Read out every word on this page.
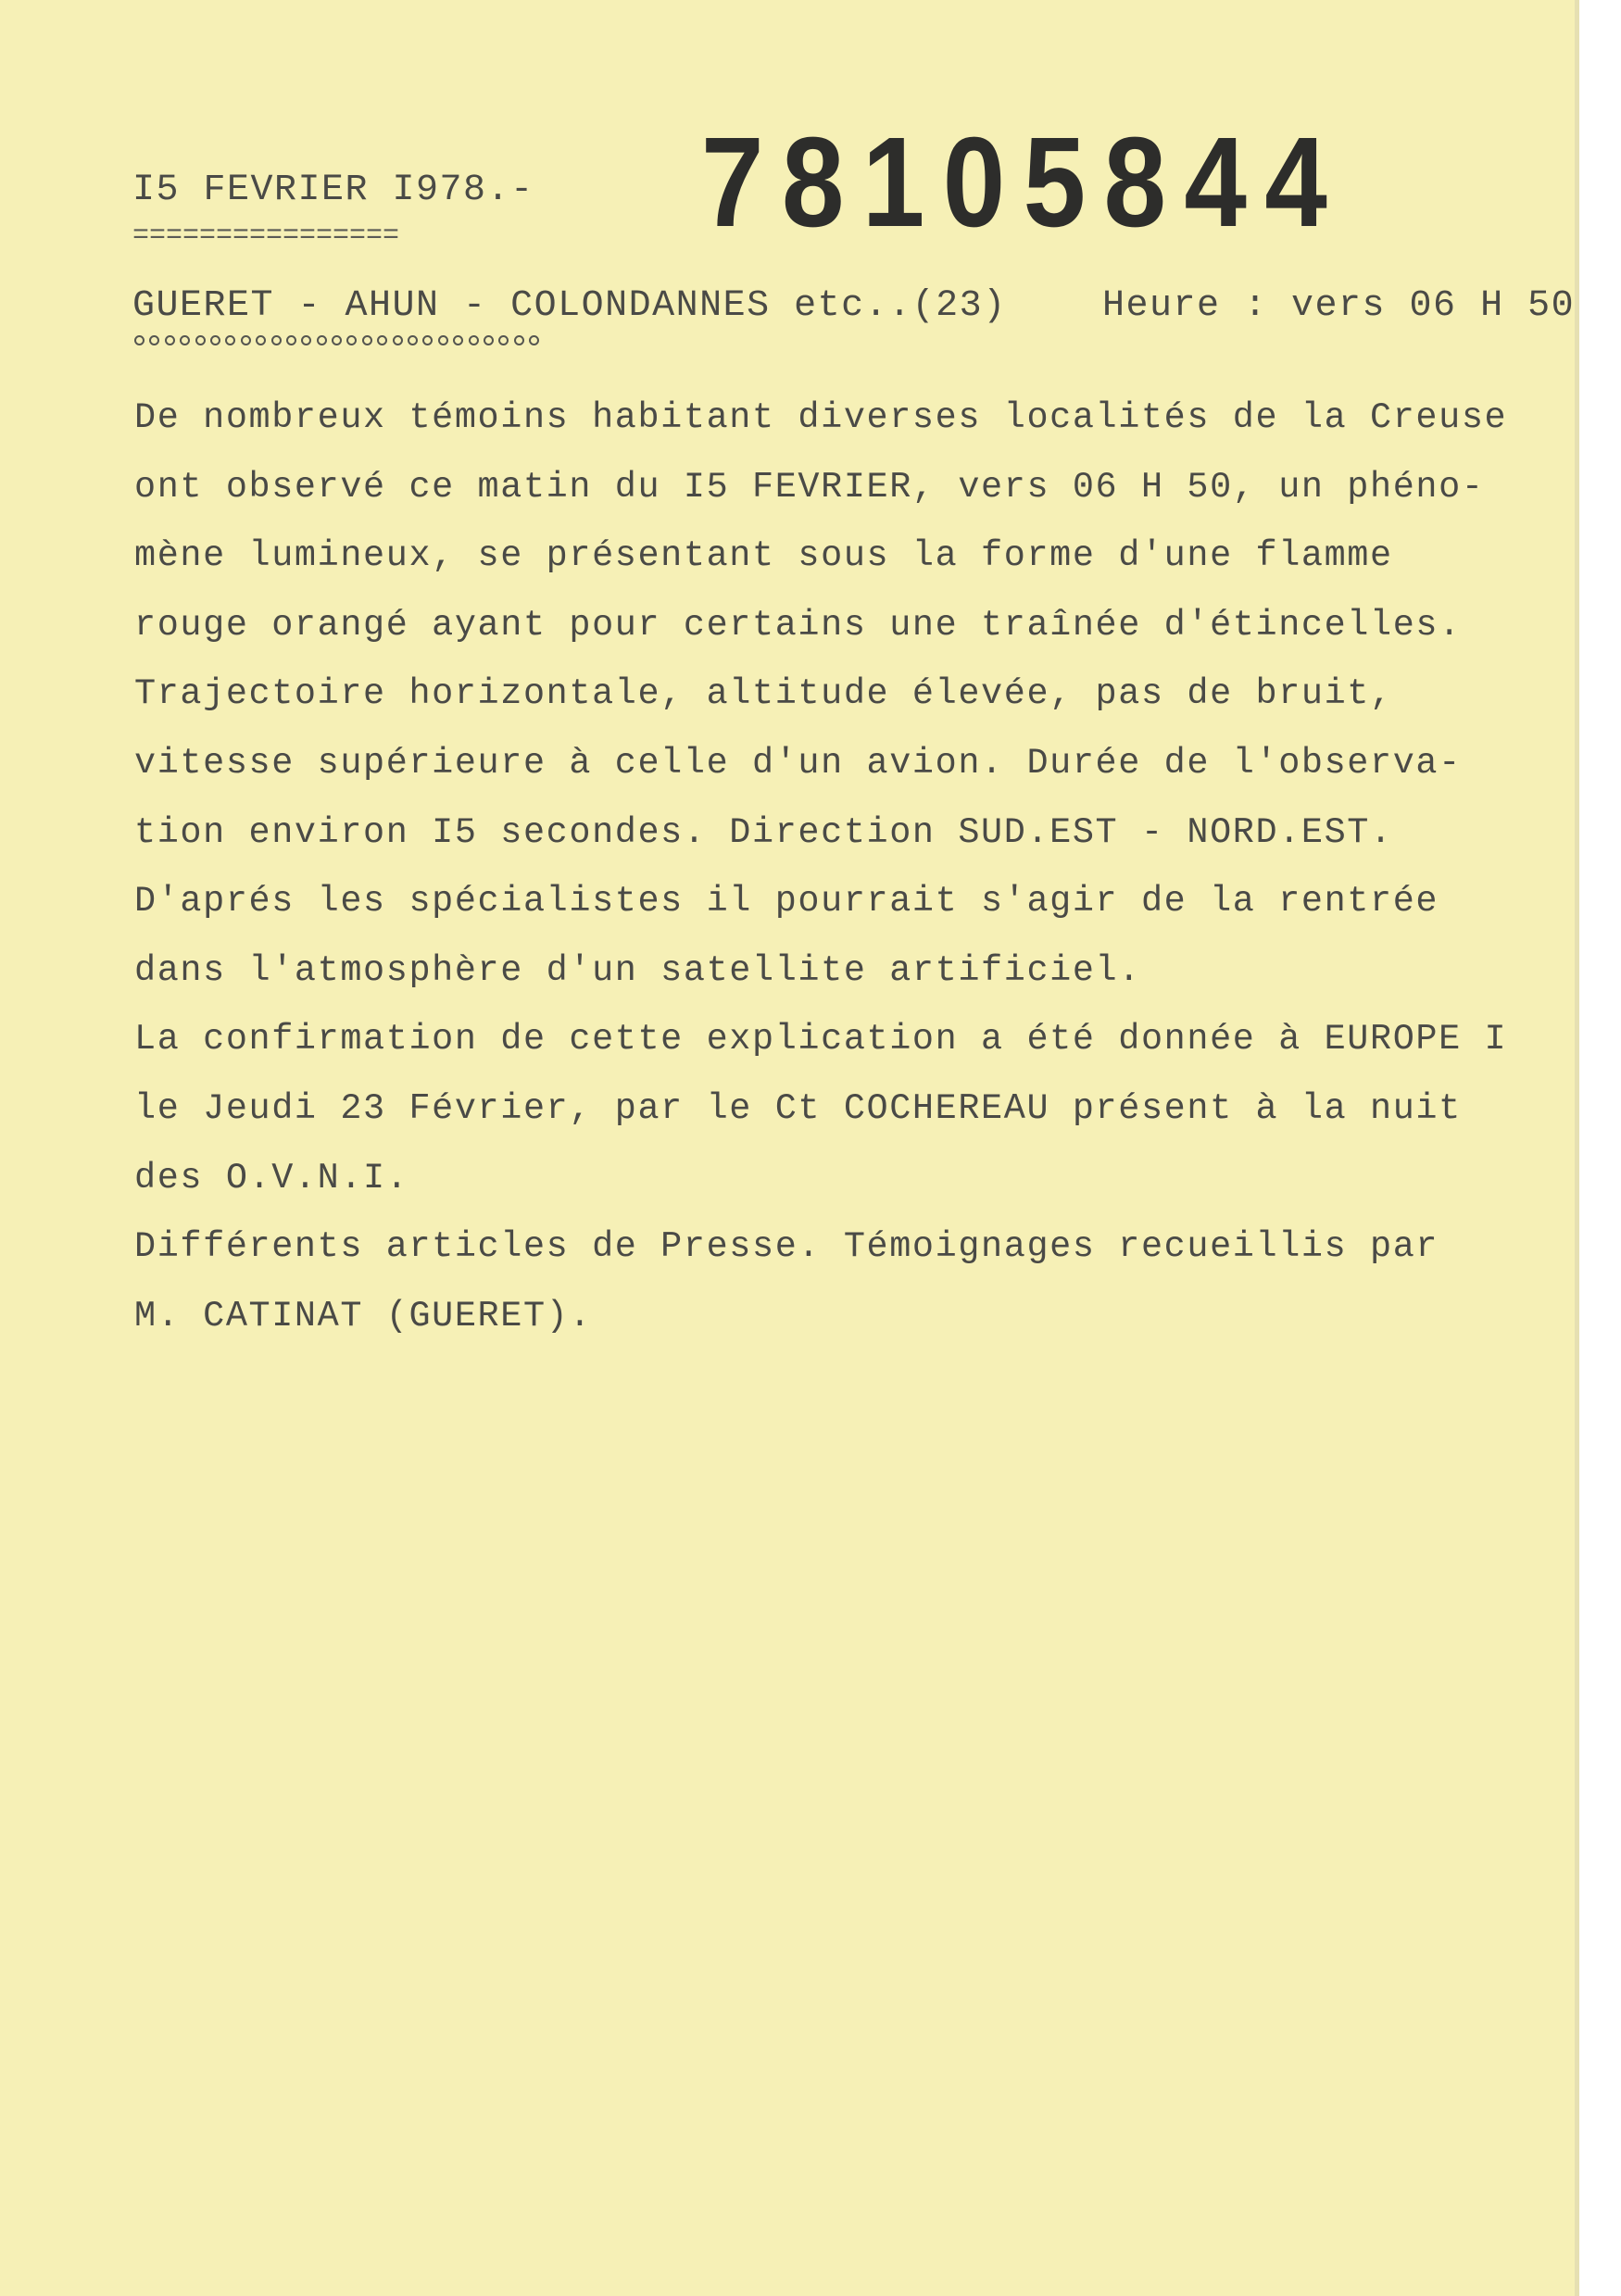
I5 FEVRIER I978.-
================ 78105844
GUERET - AHUN - COLONDANNES etc..(23)	Heure : vers 06 H 50
De nombreux témoins habitant diverses localités de la Creuse
ont observé ce matin du I5 FEVRIER, vers 06 H 50, un phéno-
mène lumineux, se présentant sous la forme d'une flamme
rouge orangé ayant pour certains une traînée d'étincelles.
Trajectoire horizontale, altitude élevée, pas de bruit,
vitesse supérieure à celle d'un avion. Durée de l'observa-
tion environ I5 secondes. Direction SUD.EST - NORD.EST.
D'aprés les spécialistes il pourrait s'agir de la rentrée
dans l'atmosphère d'un satellite artificiel.
La confirmation de cette explication a été donnée à EUROPE I
le Jeudi 23 Février, par le Ct COCHEREAU présent à la nuit
des O.V.N.I.
Différents articles de Presse. Témoignages recueillis par
M. CATINAT (GUERET).
